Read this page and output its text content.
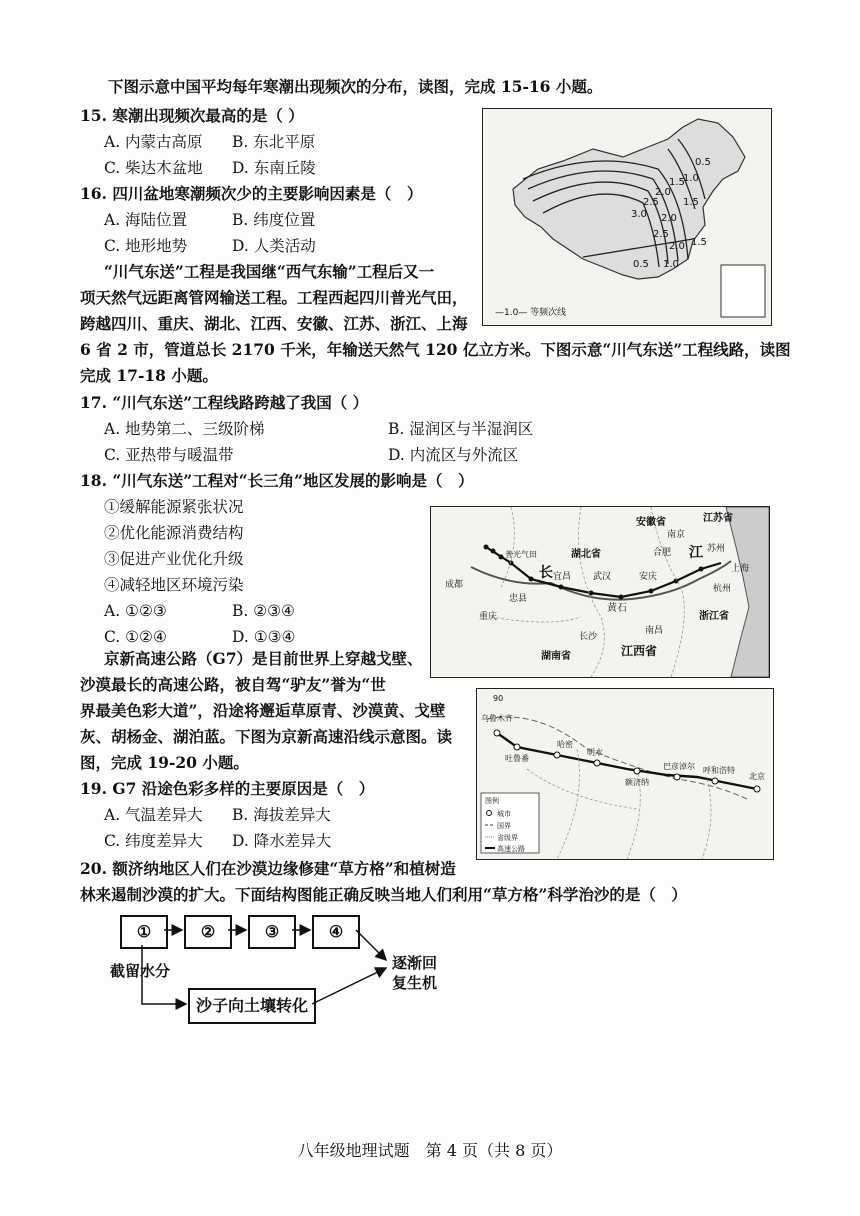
下图示意中国平均每年寒潮出现频次的分布，读图，完成 15-16 小题。
15. 寒潮出现频次最高的是（ ）
A. 内蒙古高原 B. 东北平原
C. 柴达木盆地 D. 东南丘陵
16. 四川盆地寒潮频次少的主要影响因素是（　）
A. 海陆位置	B. 纬度位置
C. 地形地势	D. 人类活动
“川气东送”工程是我国继“西气东输”工程后又一
项天然气远距离管网输送工程。工程西起四川普光气田，
跨越四川、重庆、湖北、江西、安徽、江苏、浙江、上海
6 省 2 市，管道总长 2170 千米，年输送天然气 120 亿立方米。下图示意“川气东送”工程线路，读图
完成 17-18 小题。
0.5
1.0
1.5
2.0
2.5
3.0
1.5
2.0
2.5
2.0 1.5
0.5 1.0
—1.0— 等频次线
17. “川气东送”工程线路跨越了我国（ ）
A. 地势第二、三级阶梯	B. 湿润区与半湿润区
C. 亚热带与暖温带	D. 内流区与外流区
18. “川气东送”工程对“长三角”地区发展的影响是（　）
①缓解能源紧张状况
②优化能源消费结构
③促进产业优化升级
④减轻地区环境污染
A. ①②③	B. ②③④
C. ①②④	D. ①③④
安徽省	江苏省
湖北省
浙江省
湖南省	江西省
普光气田
成都
重庆
忠县
宜昌 武汉
黄石
安庆
合肥
南京
苏州
杭州
上海
长沙
南昌
长
江
京新高速公路（G7）是目前世界上穿越戈壁、
沙漠最长的高速公路，被自驾“驴友”誉为“世
界最美色彩大道”，沿途将邂逅草原青、沙漠黄、戈壁
灰、胡杨金、湖泊蓝。下图为京新高速沿线示意图。读
图，完成 19-20 小题。
90
乌鲁木齐
吐鲁番
哈密
明水
额济纳
巴彦淖尔 呼和浩特
北京
图例
城市
国界
省级界
高速公路
19. G7 沿途色彩多样的主要原因是（　）
A. 气温差异大 B. 海拔差异大
C. 纬度差异大 D. 降水差异大
20. 额济纳地区人们在沙漠边缘修建“草方格”和植树造
林来遏制沙漠的扩大。下面结构图能正确反映当地人们利用“草方格”科学治沙的是（　）
①	②	③	④
沙子向土壤转化
截留水分	逐渐回
复生机
八年级地理试题　第 4 页（共 8 页）
